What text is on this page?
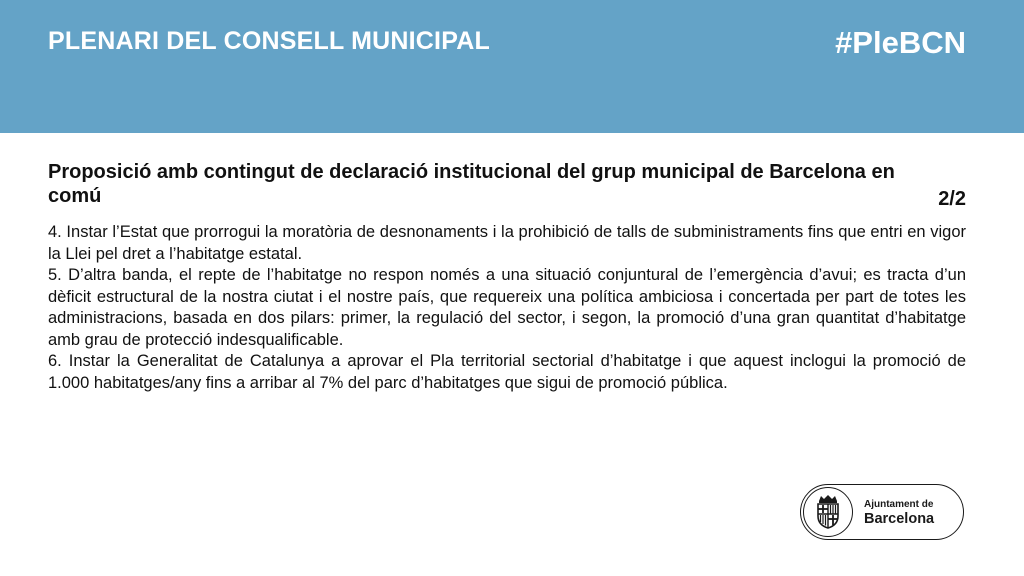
PLENARI DEL CONSELL MUNICIPAL	#PleBCN
Proposició amb contingut de declaració institucional del grup municipal de Barcelona en comú	2/2

4. Instar l’Estat que prorrogui la moratòria de desnonaments i la prohibició de talls de subministraments fins que entri en vigor la Llei pel dret a l’habitatge estatal.

5. D’altra banda, el repte de l’habitatge no respon només a una situació conjuntural de l’emergència d’avui; es tracta d’un dèficit estructural de la nostra ciutat i el nostre país, que requereix una política ambiciosa i concertada per part de totes les administracions, basada en dos pilars: primer, la regulació del sector, i segon, la promoció d’una gran quantitat d’habitatge amb grau de protecció indesqualificable.

6. Instar la Generalitat de Catalunya a aprovar el Pla territorial sectorial d’habitatge i que aquest inclogui la promoció de 1.000 habitatges/any fins a arribar al 7% del parc d’habitatges que sigui de promoció pública.

Ajuntament de
Barcelona
